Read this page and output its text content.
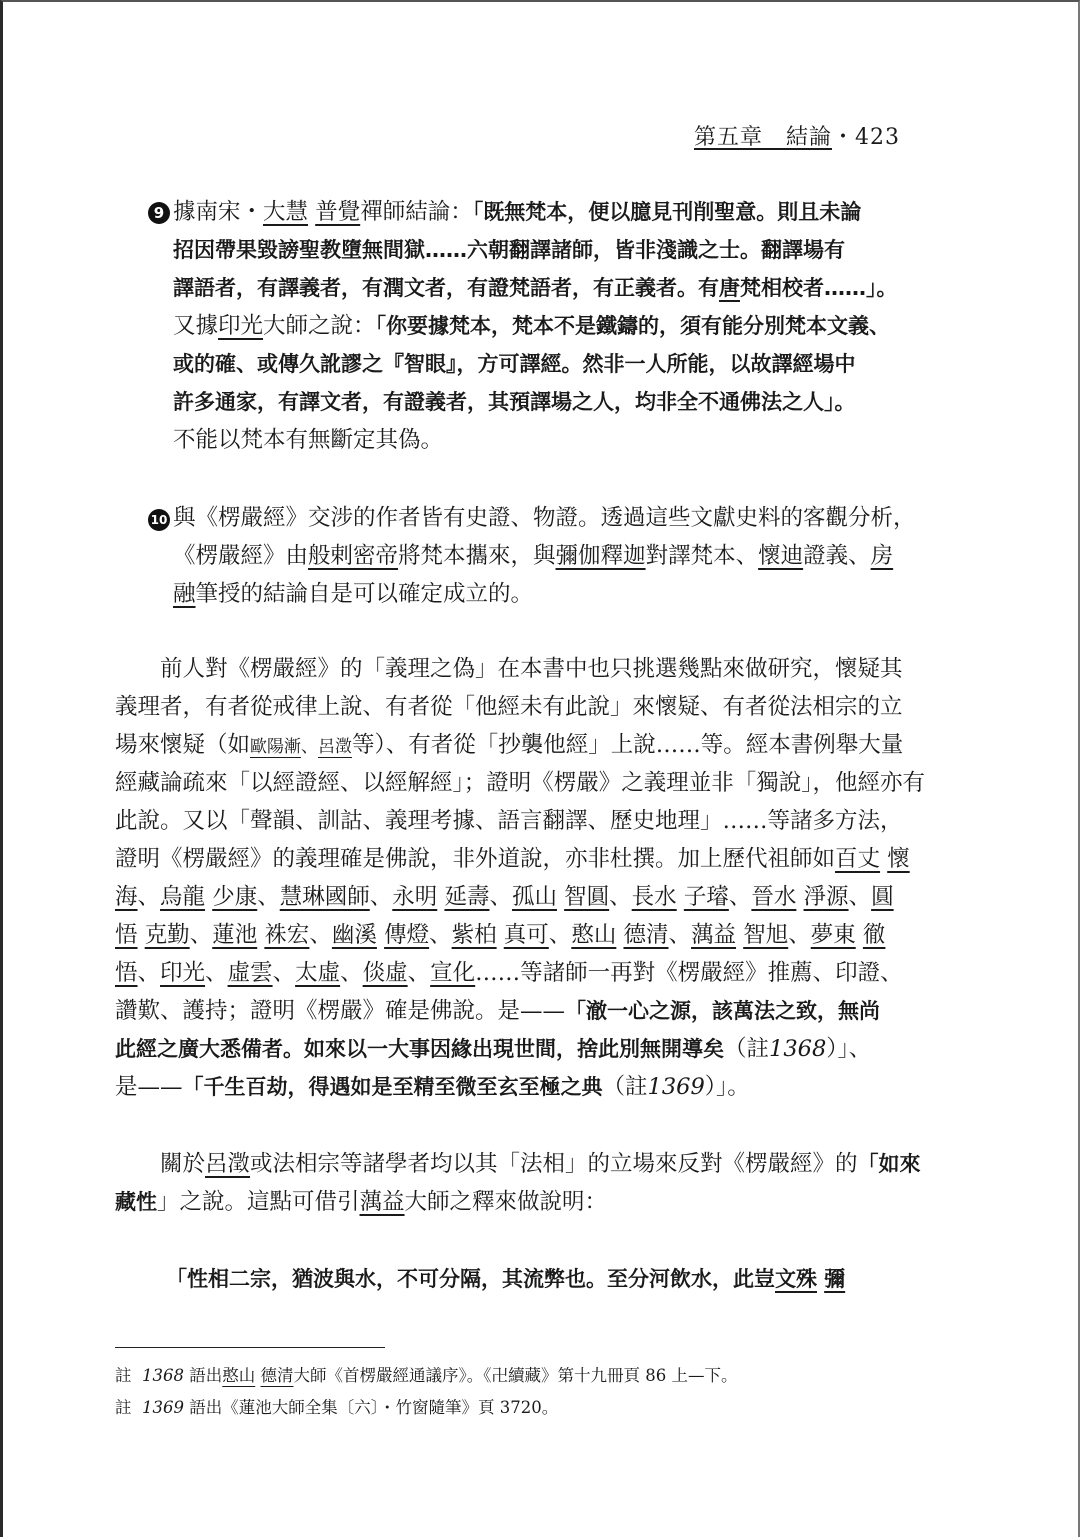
第五章　結論・423
9 據南宋・大慧 普覺禪師結論：「既無梵本，便以臆見刊削聖意。則且未論
招因帶果毀謗聖教墮無間獄……六朝翻譯諸師，皆非淺識之士。翻譯場有
譯語者，有譯義者，有潤文者，有證梵語者，有正義者。有唐梵相校者……」。
又據印光大師之說：「你要據梵本，梵本不是鐵鑄的，須有能分別梵本文義、
或的確、或傳久訛謬之『智眼』，方可譯經。然非一人所能，以故譯經場中
許多通家，有譯文者，有證義者，其預譯場之人，均非全不通佛法之人」。
不能以梵本有無斷定其偽。
10 與《楞嚴經》交涉的作者皆有史證、物證。透過這些文獻史料的客觀分析，
《楞嚴經》由般剌密帝將梵本攜來，與彌伽釋迦對譯梵本、懷迪證義、房
融筆授的結論自是可以確定成立的。
前人對《楞嚴經》的「義理之偽」在本書中也只挑選幾點來做研究，懷疑其
義理者，有者從戒律上說、有者從「他經未有此說」來懷疑、有者從法相宗的立
場來懷疑（如歐陽漸、呂澂等）、有者從「抄襲他經」上說……等。經本書例舉大量
經藏論疏來「以經證經、以經解經」；證明《楞嚴》之義理並非「獨說」，他經亦有
此說。又以「聲韻、訓詁、義理考據、語言翻譯、歷史地理」……等諸多方法，
證明《楞嚴經》的義理確是佛說，非外道說，亦非杜撰。加上歷代祖師如百丈 懷
海、烏龍 少康、慧琳國師、永明 延壽、孤山 智圓、長水 子璿、晉水 淨源、圓
悟 克勤、蓮池 袾宏、幽溪 傳燈、紫柏 真可、憨山 德清、蕅益 智旭、夢東 徹
悟、印光、虛雲、太虛、倓虛、宣化……等諸師一再對《楞嚴經》推薦、印證、
讚歎、護持；證明《楞嚴》確是佛說。是——「澈一心之源，該萬法之致，無尚
此經之廣大悉備者。如來以一大事因緣出現世間，捨此別無開導矣（註1368）」、
是——「千生百劫，得遇如是至精至微至玄至極之典（註1369）」。
關於呂澂或法相宗等諸學者均以其「法相」的立場來反對《楞嚴經》的「如來
藏性」之說。這點可借引蕅益大師之釋來做說明：
「性相二宗，猶波與水，不可分隔，其流弊也。至分河飲水，此豈文殊 彌
註 1368 語出憨山 德清大師《首楞嚴經通議序》。《卍續藏》第十九冊頁 86 上—下。
註 1369 語出《蓮池大師全集〔六〕・竹窗隨筆》頁 3720。
